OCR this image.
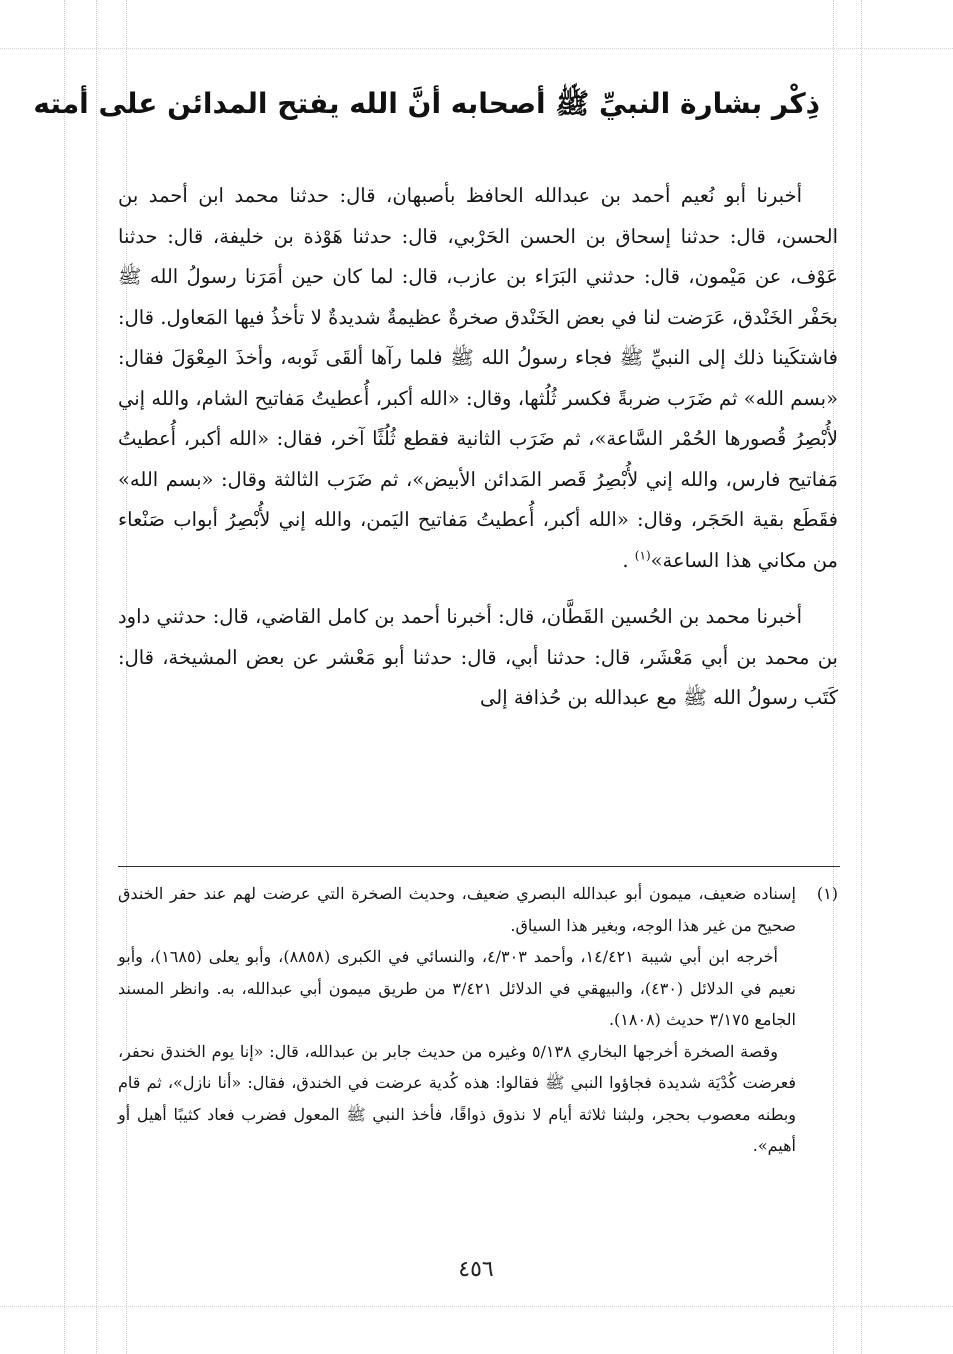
ذِكْر بشارة النبيِّ ﷺ أصحابه أنَّ الله يفتح المدائن على أمته

أخبرنا أبو نُعيم أحمد بن عبدالله الحافظ بأصبهان، قال: حدثنا محمد ابن أحمد بن الحسن، قال: حدثنا إسحاق بن الحسن الحَرْبي، قال: حدثنا هَوْذة بن خليفة، قال: حدثنا عَوْف، عن مَيْمون، قال: حدثني البَرَاء بن عازب، قال: لما كان حين أمَرَنا رسولُ الله ﷺ بحَفْر الخَنْدق، عَرَضت لنا في بعض الخَنْدق صخرةٌ عظيمةٌ شديدةٌ لا تأخذُ فيها المَعاول. قال: فاشتكَينا ذلك إلى النبيِّ ﷺ فجاء رسولُ الله ﷺ فلما رآها ألقَى ثَوبه، وأخذَ المِعْوَلَ فقال: «بسم الله» ثم ضَرَب ضربةً فكسر ثُلُثها، وقال: «الله أكبر، أُعطيتُ مَفاتيح الشام، والله إني لأُبْصِرُ قُصورها الحُمْر السَّاعة»، ثم ضَرَب الثانية فقطع ثُلُثًا آخر، فقال: «الله أكبر، أُعطيتُ مَفاتيح فارس، والله إني لأُبْصِرُ قَصر المَدائن الأبيض»، ثم ضَرَب الثالثة وقال: «بسم الله» فقَطَع بقية الحَجَر، وقال: «الله أكبر، أُعطيتُ مَفاتيح اليَمن، والله إني لأُبْصِرُ أبواب صَنْعاء من مكاني هذا الساعة»$^{(١)}$ .

أخبرنا محمد بن الحُسين القَطَّان، قال: أخبرنا أحمد بن كامل القاضي، قال: حدثني داود بن محمد بن أبي مَعْشَر، قال: حدثنا أبي، قال: حدثنا أبو مَعْشر عن بعض المشيخة، قال: كَتَب رسولُ الله ﷺ مع عبدالله بن حُذافة إلى

(١)
إسناده ضعيف، ميمون أبو عبدالله البصري ضعيف، وحديث الصخرة التي عرضت لهم عند حفر الخندق صحيح من غير هذا الوجه، وبغير هذا السياق.

أخرجه ابن أبي شيبة ١٤/٤٢١، وأحمد ٤/٣٠٣، والنسائي في الكبرى (٨٨٥٨)، وأبو يعلى (١٦٨٥)، وأبو نعيم في الدلائل (٤٣٠)، والبيهقي في الدلائل ٣/٤٢١ من طريق ميمون أبي عبدالله، به. وانظر المسند الجامع ٣/١٧٥ حديث (١٨٠٨).

وقصة الصخرة أخرجها البخاري ٥/١٣٨ وغيره من حديث جابر بن عبدالله، قال: «إنا يوم الخندق نحفر، فعرضت كُدْيَة شديدة فجاؤوا النبي ﷺ فقالوا: هذه كُدية عرضت في الخندق، فقال: «أنا نازل»، ثم قام وبطنه معصوب بحجر، ولبثنا ثلاثة أيام لا نذوق ذواقًا، فأخذ النبي ﷺ المعول فضرب فعاد كثيبًا أهيل أو أهيم».

٤٥٦
